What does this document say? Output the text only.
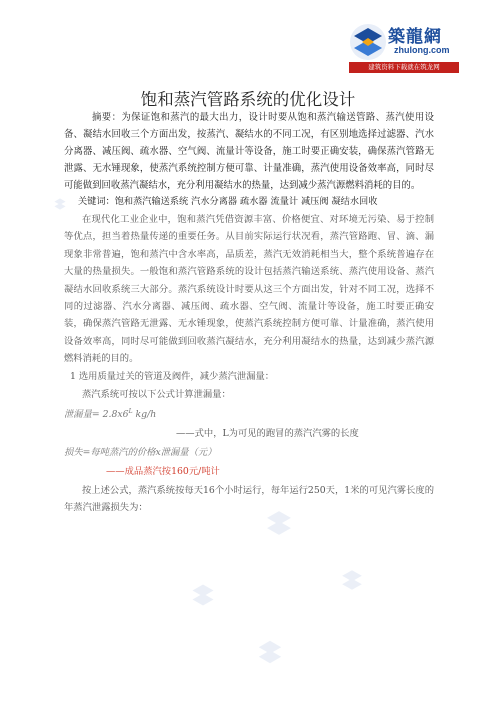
築龍網
zhulong.com
建筑资料下载就在筑龙网
饱和蒸汽管路系统的优化设计
摘要：为保证饱和蒸汽的最大出力，设计时要从饱和蒸汽输送管路、蒸汽使用设备、凝结水回收三个方面出发，按蒸汽、凝结水的不同工况，有区别地选择过滤器、汽水分离器、减压阀、疏水器、空气阀、流量计等设备，施工时要正确安装，确保蒸汽管路无泄露、无水锤现象，使蒸汽系统控制方便可靠、计量准确，蒸汽使用设备效率高，同时尽可能做到回收蒸汽凝结水，充分利用凝结水的热量，达到减少蒸汽源燃料消耗的目的。
关键词：饱和蒸汽输送系统 汽水分离器 疏水器 流量计 减压阀 凝结水回收
在现代化工业企业中，饱和蒸汽凭借资源丰富、价格便宜、对环境无污染、易于控制等优点，担当着热量传递的重要任务。从目前实际运行状况看，蒸汽管路跑、冒、滴、漏现象非常普遍，饱和蒸汽中含水率高，品质差，蒸汽无效消耗相当大，整个系统普遍存在大量的热量损失。一般饱和蒸汽管路系统的设计包括蒸汽输送系统、蒸汽使用设备、蒸汽凝结水回收系统三大部分。蒸汽系统设计时要从这三个方面出发，针对不同工况，选择不同的过滤器、汽水分离器、减压阀、疏水器、空气阀、流量计等设备，施工时要正确安装，确保蒸汽管路无泄露、无水锤现象，使蒸汽系统控制方便可靠、计量准确，蒸汽使用设备效率高，同时尽可能做到回收蒸汽凝结水，充分利用凝结水的热量，达到减少蒸汽源燃料消耗的目的。
1 选用质量过关的管道及阀件，减少蒸汽泄漏量：
蒸汽系统可按以下公式计算泄漏量：
泄漏量= $2.8x6^L$ kg/h
——式中，L为可见的跑冒的蒸汽汽雾的长度
损失=每吨蒸汽的价格x泄漏量（元）
——成品蒸汽按160元/吨计
按上述公式，蒸汽系统按每天16个小时运行，每年运行250天，1米的可见汽雾长度的年蒸汽泄露损失为：
